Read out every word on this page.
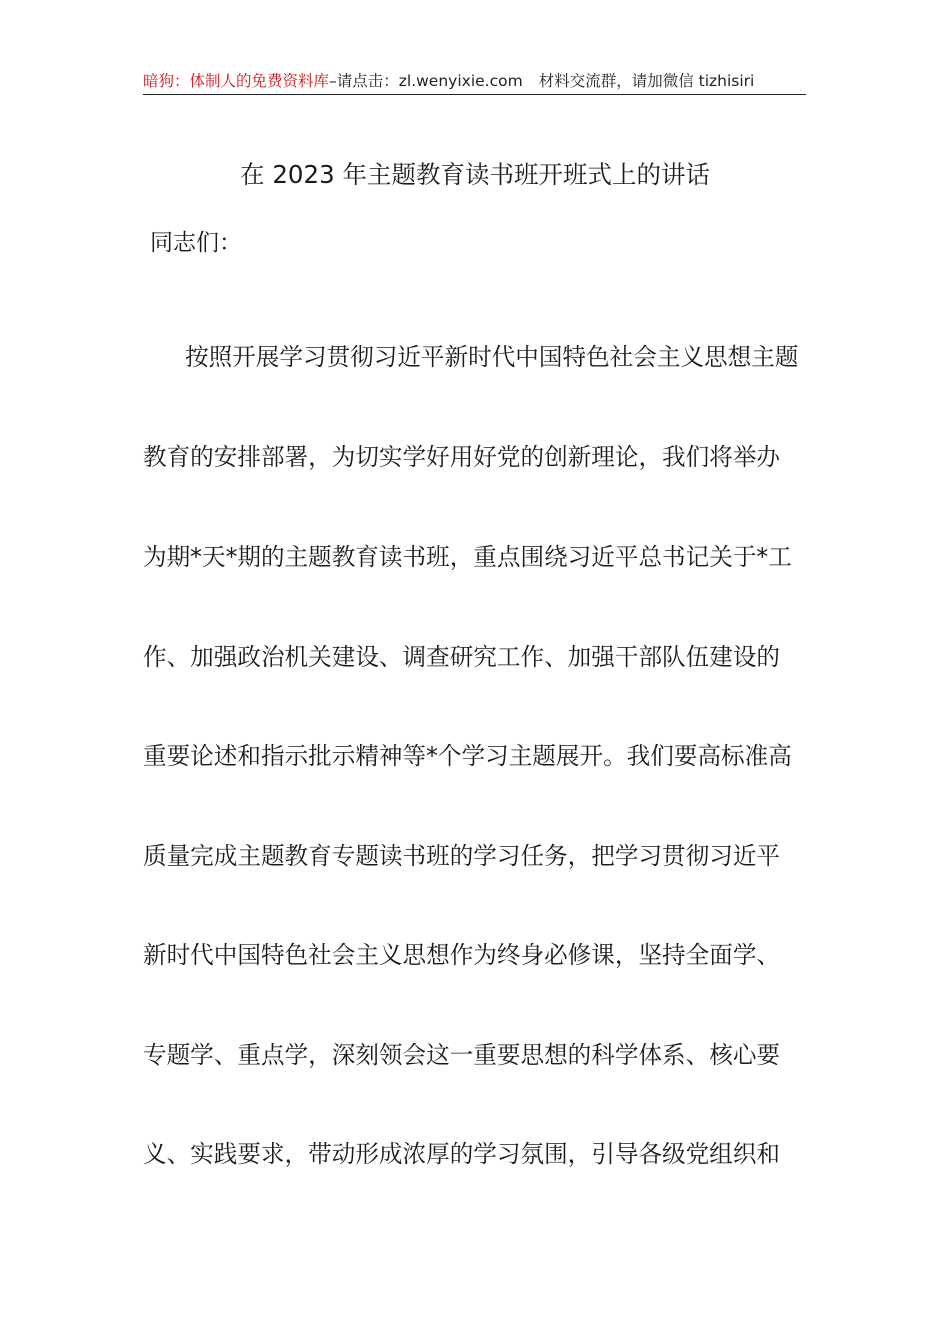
暗狗：体制人的免费资料库–请点击：zl.wenyixie.com 材料交流群，请加微信 tizhisiri
在 2023 年主题教育读书班开班式上的讲话
同志们：
按照开展学习贯彻习近平新时代中国特色社会主义思想主题
教育的安排部署，为切实学好用好党的创新理论，我们将举办
为期*天*期的主题教育读书班，重点围绕习近平总书记关于*工
作、加强政治机关建设、调查研究工作、加强干部队伍建设的
重要论述和指示批示精神等*个学习主题展开。我们要高标准高
质量完成主题教育专题读书班的学习任务，把学习贯彻习近平
新时代中国特色社会主义思想作为终身必修课，坚持全面学、
专题学、重点学，深刻领会这一重要思想的科学体系、核心要
义、实践要求，带动形成浓厚的学习氛围，引导各级党组织和
